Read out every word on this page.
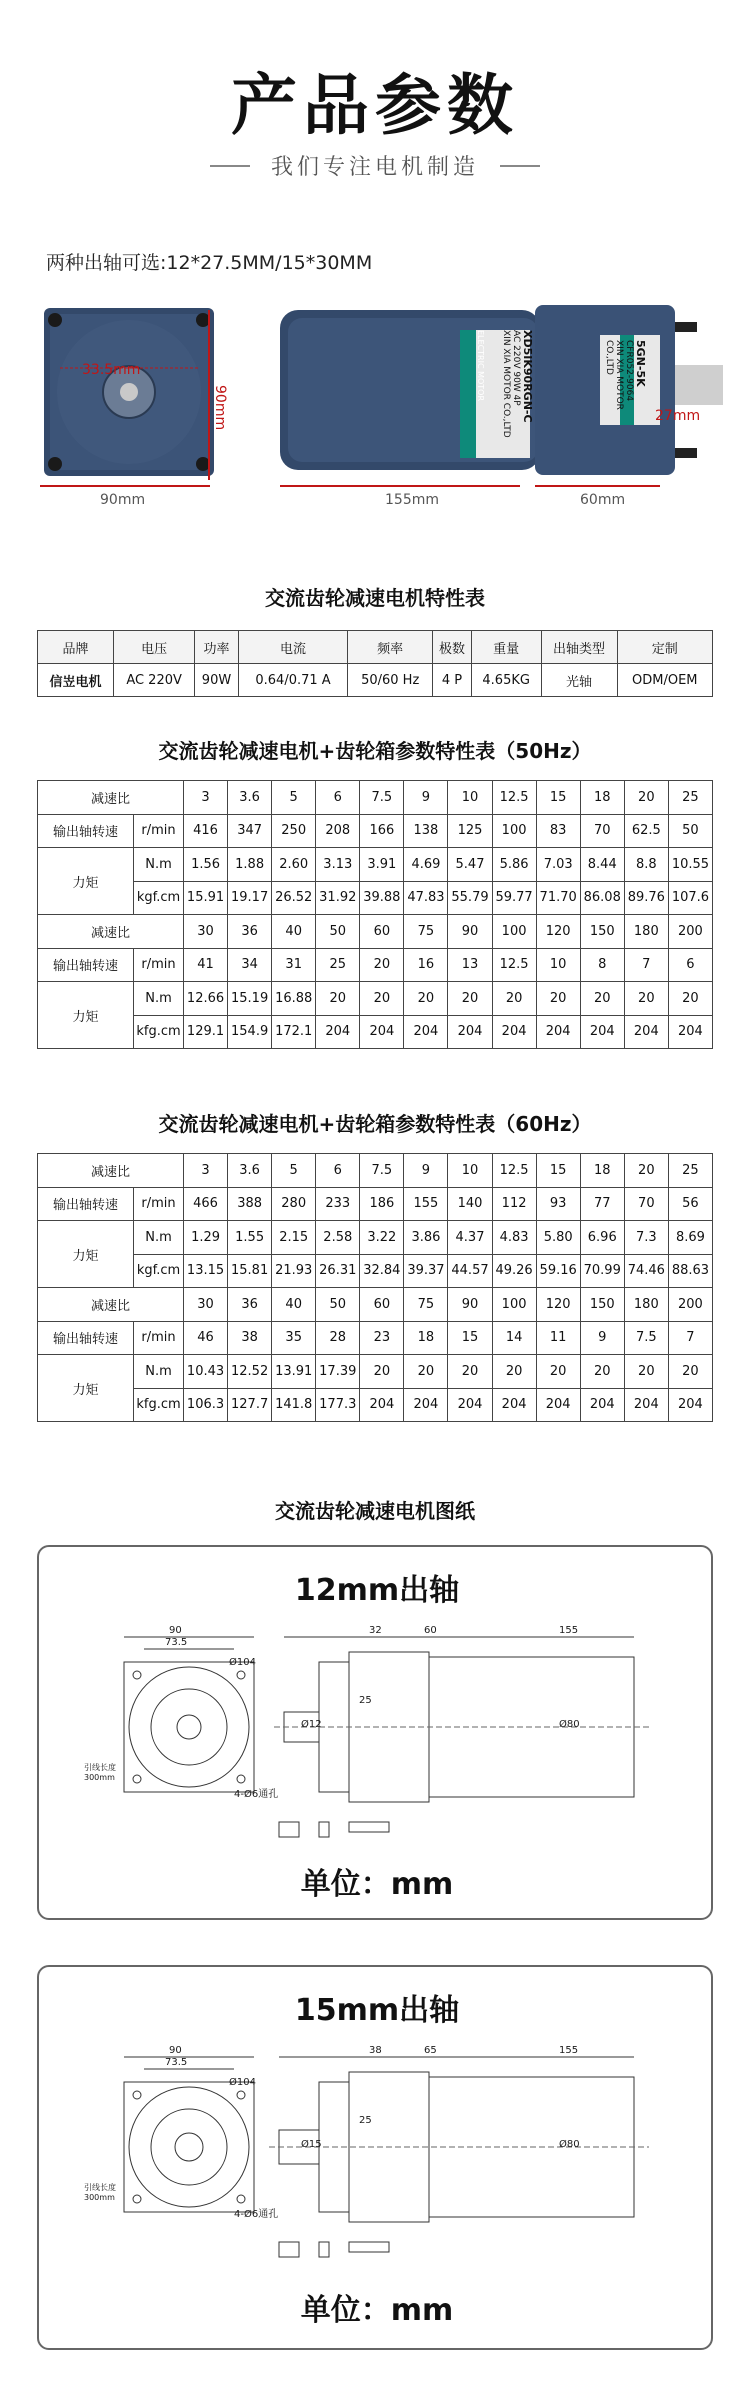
产品参数
我们专注电机制造
两种出轴可选:12*27.5MM/15*30MM
33.5mm
90mm
90mm
XD5IK90RGN-C
AC 220V 90W 4P
XIN XIA MOTOR CO.,LTD
ELECTRIC MOTOR	5GN-5K
CFR052-9064
XIN XIA MOTOR CO.,LTD
27mm
155mm	60mm
交流齿轮减速电机特性表
品牌	电压	功率	电流	频率	极数	重量	出轴类型	定制
信岦电机	AC 220V	90W	0.64/0.71 A	50/60 Hz	4 P	4.65KG	光轴	ODM/OEM
交流齿轮减速电机+齿轮箱参数特性表（50Hz）
减速比		3	3.6	5	6	7.5	9	10	12.5	15	18	20	25
输出轴转速	r/min	416	347	250	208	166	138	125	100	83	70	62.5	50
力矩	N.m	1.56	1.88	2.60	3.13	3.91	4.69	5.47	5.86	7.03	8.44	8.8	10.55
	kgf.cm	15.91	19.17	26.52	31.92	39.88	47.83	55.79	59.77	71.70	86.08	89.76	107.6
减速比		30	36	40	50	60	75	90	100	120	150	180	200
输出轴转速	r/min	41	34	31	25	20	16	13	12.5	10	8	7	6
力矩	N.m	12.66	15.19	16.88	20	20	20	20	20	20	20	20	20
	kfg.cm	129.1	154.9	172.1	204	204	204	204	204	204	204	204	204
交流齿轮减速电机+齿轮箱参数特性表（60Hz）
减速比		3	3.6	5	6	7.5	9	10	12.5	15	18	20	25
输出轴转速	r/min	466	388	280	233	186	155	140	112	93	77	70	56
力矩	N.m	1.29	1.55	2.15	2.58	3.22	3.86	4.37	4.83	5.80	6.96	7.3	8.69
	kgf.cm	13.15	15.81	21.93	26.31	32.84	39.37	44.57	49.26	59.16	70.99	74.46	88.63
减速比		30	36	40	50	60	75	90	100	120	150	180	200
输出轴转速	r/min	46	38	35	28	23	18	15	14	11	9	7.5	7
力矩	N.m	10.43	12.52	13.91	17.39	20	20	20	20	20	20	20	20
	kfg.cm	106.3	127.7	141.8	177.3	204	204	204	204	204	204	204	204
交流齿轮减速电机图纸
12mm出轴
90
73.5
Ø104
4-Ø6通孔
引线长度 300mm
32	60	155
25
Ø12	Ø80
单位：mm
15mm出轴
90
73.5
Ø104
4-Ø6通孔
引线长度 300mm
38	65	155
25
Ø15	Ø80
单位：mm
